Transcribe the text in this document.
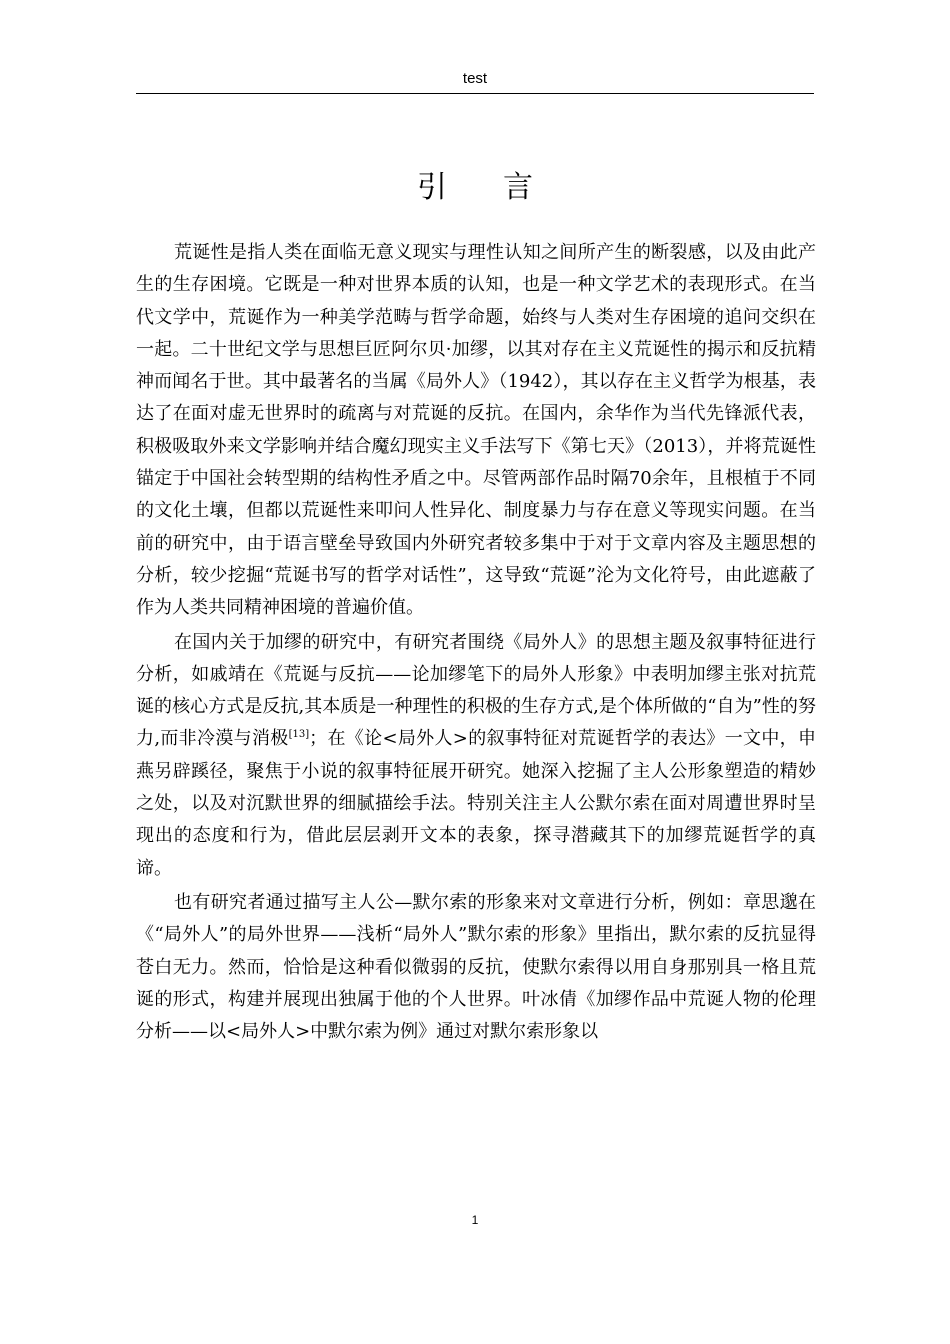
test
引言

荒诞性是指人类在面临无意义现实与理性认知之间所产生的断裂感，以及由此产生的生存困境。它既是一种对世界本质的认知，也是一种文学艺术的表现形式。在当代文学中，荒诞作为一种美学范畴与哲学命题，始终与人类对生存困境的追问交织在一起。二十世纪文学与思想巨匠阿尔贝·加缪，以其对存在主义荒诞性的揭示和反抗精神而闻名于世。其中最著名的当属《局外人》（1942），其以存在主义哲学为根基，表达了在面对虚无世界时的疏离与对荒诞的反抗。在国内，余华作为当代先锋派代表，积极吸取外来文学影响并结合魔幻现实主义手法写下《第七天》（2013），并将荒诞性锚定于中国社会转型期的结构性矛盾之中。尽管两部作品时隔70余年，且根植于不同的文化土壤，但都以荒诞性来叩问人性异化、制度暴力与存在意义等现实问题。在当前的研究中，由于语言壁垒导致国内外研究者较多集中于对于文章内容及主题思想的分析，较少挖掘“荒诞书写的哲学对话性”，这导致“荒诞”沦为文化符号，由此遮蔽了作为人类共同精神困境的普遍价值。

在国内关于加缪的研究中，有研究者围绕《局外人》的思想主题及叙事特征进行分析，如戚靖在《荒诞与反抗——论加缪笔下的局外人形象》中表明加缪主张对抗荒诞的核心方式是反抗,其本质是一种理性的积极的生存方式,是个体所做的“自为”性的努力,而非冷漠与消极[13]；在《论<局外人>的叙事特征对荒诞哲学的表达》一文中，申燕另辟蹊径，聚焦于小说的叙事特征展开研究。她深入挖掘了主人公形象塑造的精妙之处，以及对沉默世界的细腻描绘手法。特别关注主人公默尔索在面对周遭世界时呈现出的态度和行为，借此层层剥开文本的表象，探寻潜藏其下的加缪荒诞哲学的真谛。

也有研究者通过描写主人公—默尔索的形象来对文章进行分析，例如：章思邈在《“局外人”的局外世界——浅析“局外人”默尔索的形象》里指出，默尔索的反抗显得苍白无力。然而，恰恰是这种看似微弱的反抗，使默尔索得以用自身那别具一格且荒诞的形式，构建并展现出独属于他的个人世界。叶冰倩《加缪作品中荒诞人物的伦理分析——以<局外人>中默尔索为例》通过对默尔索形象以

1
